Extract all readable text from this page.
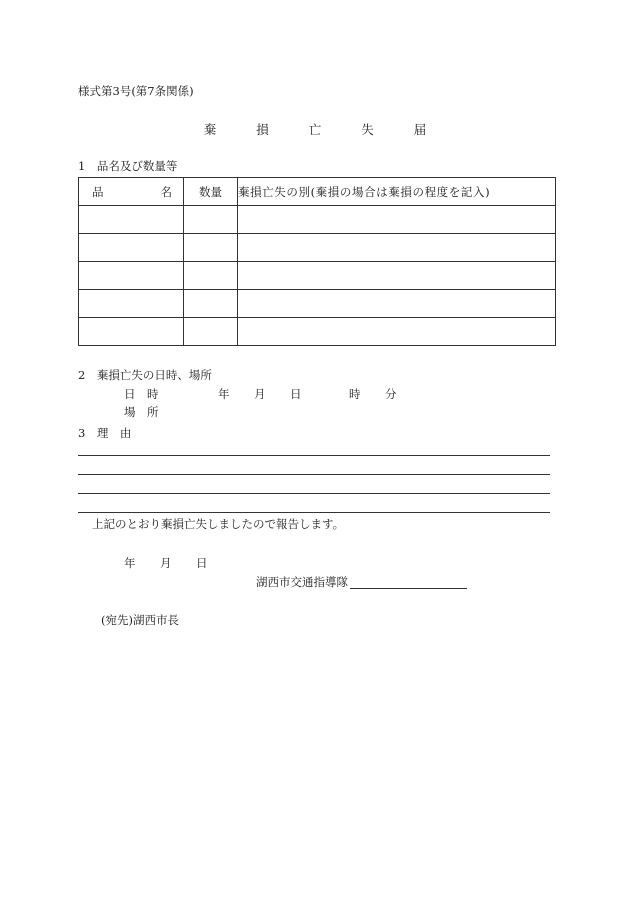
様式第3号(第7条関係)
棄	損	亡	失	届
1　品名及び数量等
品 名	数量	棄損亡失の別(棄損の場合は棄損の程度を記入)

2　棄損亡失の日時、場所
日　時	年 月 日	時 分
場　所
3　理　由
上記のとおり棄損亡失しましたので報告します。
年 月 日
湖西市交通指導隊
(宛先)湖西市長
